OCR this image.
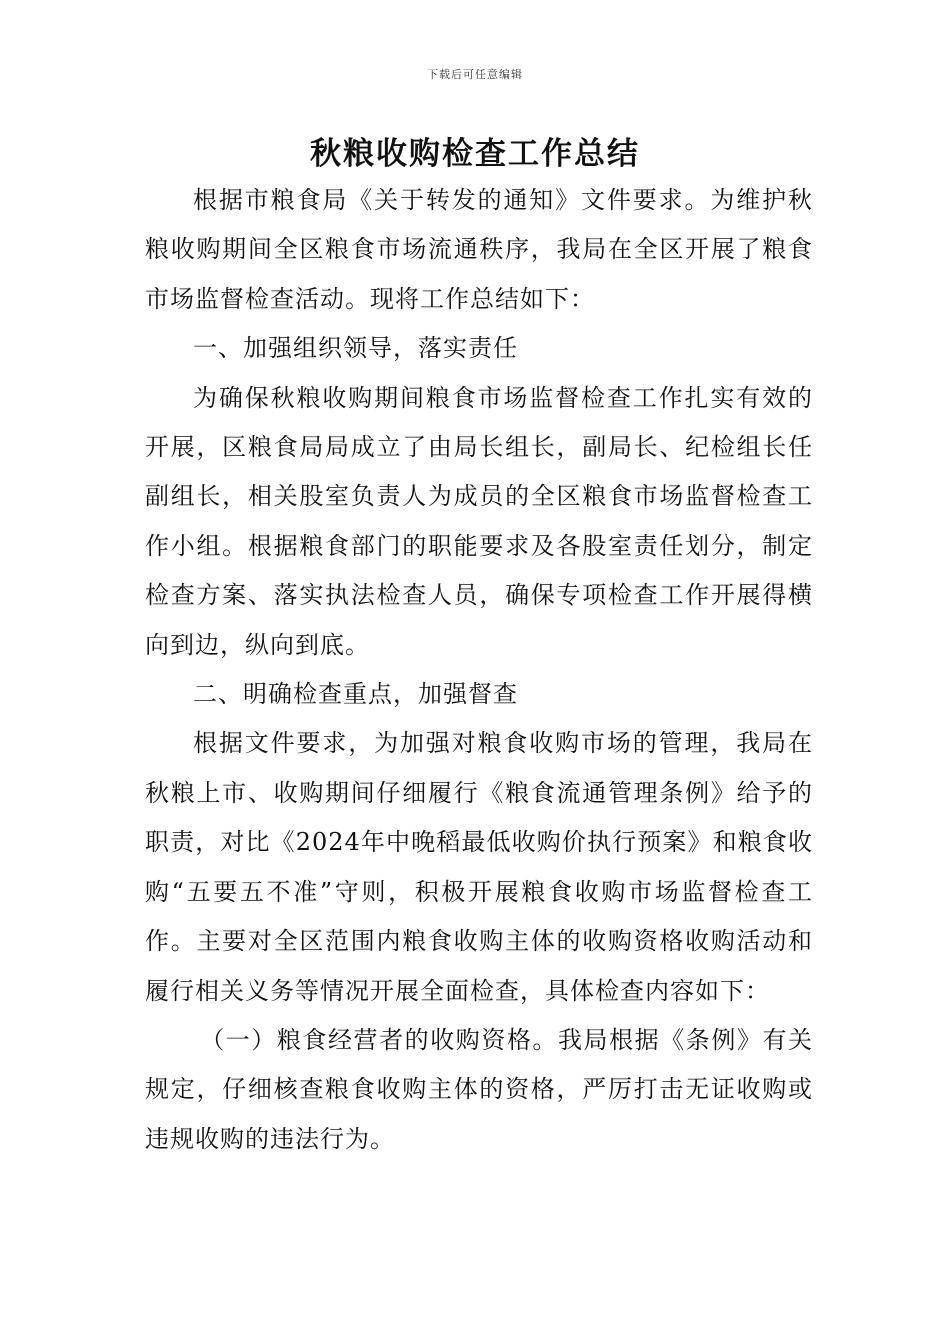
下载后可任意编辑
秋粮收购检查工作总结

根据市粮食局《关于转发的通知》文件要求。为维护秋粮收购期间全区粮食市场流通秩序，我局在全区开展了粮食市场监督检查活动。现将工作总结如下：

一、加强组织领导，落实责任

为确保秋粮收购期间粮食市场监督检查工作扎实有效的开展，区粮食局局成立了由局长组长，副局长、纪检组长任副组长，相关股室负责人为成员的全区粮食市场监督检查工作小组。根据粮食部门的职能要求及各股室责任划分，制定检查方案、落实执法检查人员，确保专项检查工作开展得横向到边，纵向到底。

二、明确检查重点，加强督查

根据文件要求，为加强对粮食收购市场的管理，我局在秋粮上市、收购期间仔细履行《粮食流通管理条例》给予的职责，对比《2024年中晚稻最低收购价执行预案》和粮食收购“五要五不准”守则，积极开展粮食收购市场监督检查工作。主要对全区范围内粮食收购主体的收购资格收购活动和履行相关义务等情况开展全面检查，具体检查内容如下：

（一）粮食经营者的收购资格。我局根据《条例》有关规定，仔细核查粮食收购主体的资格，严厉打击无证收购或违规收购的违法行为。
